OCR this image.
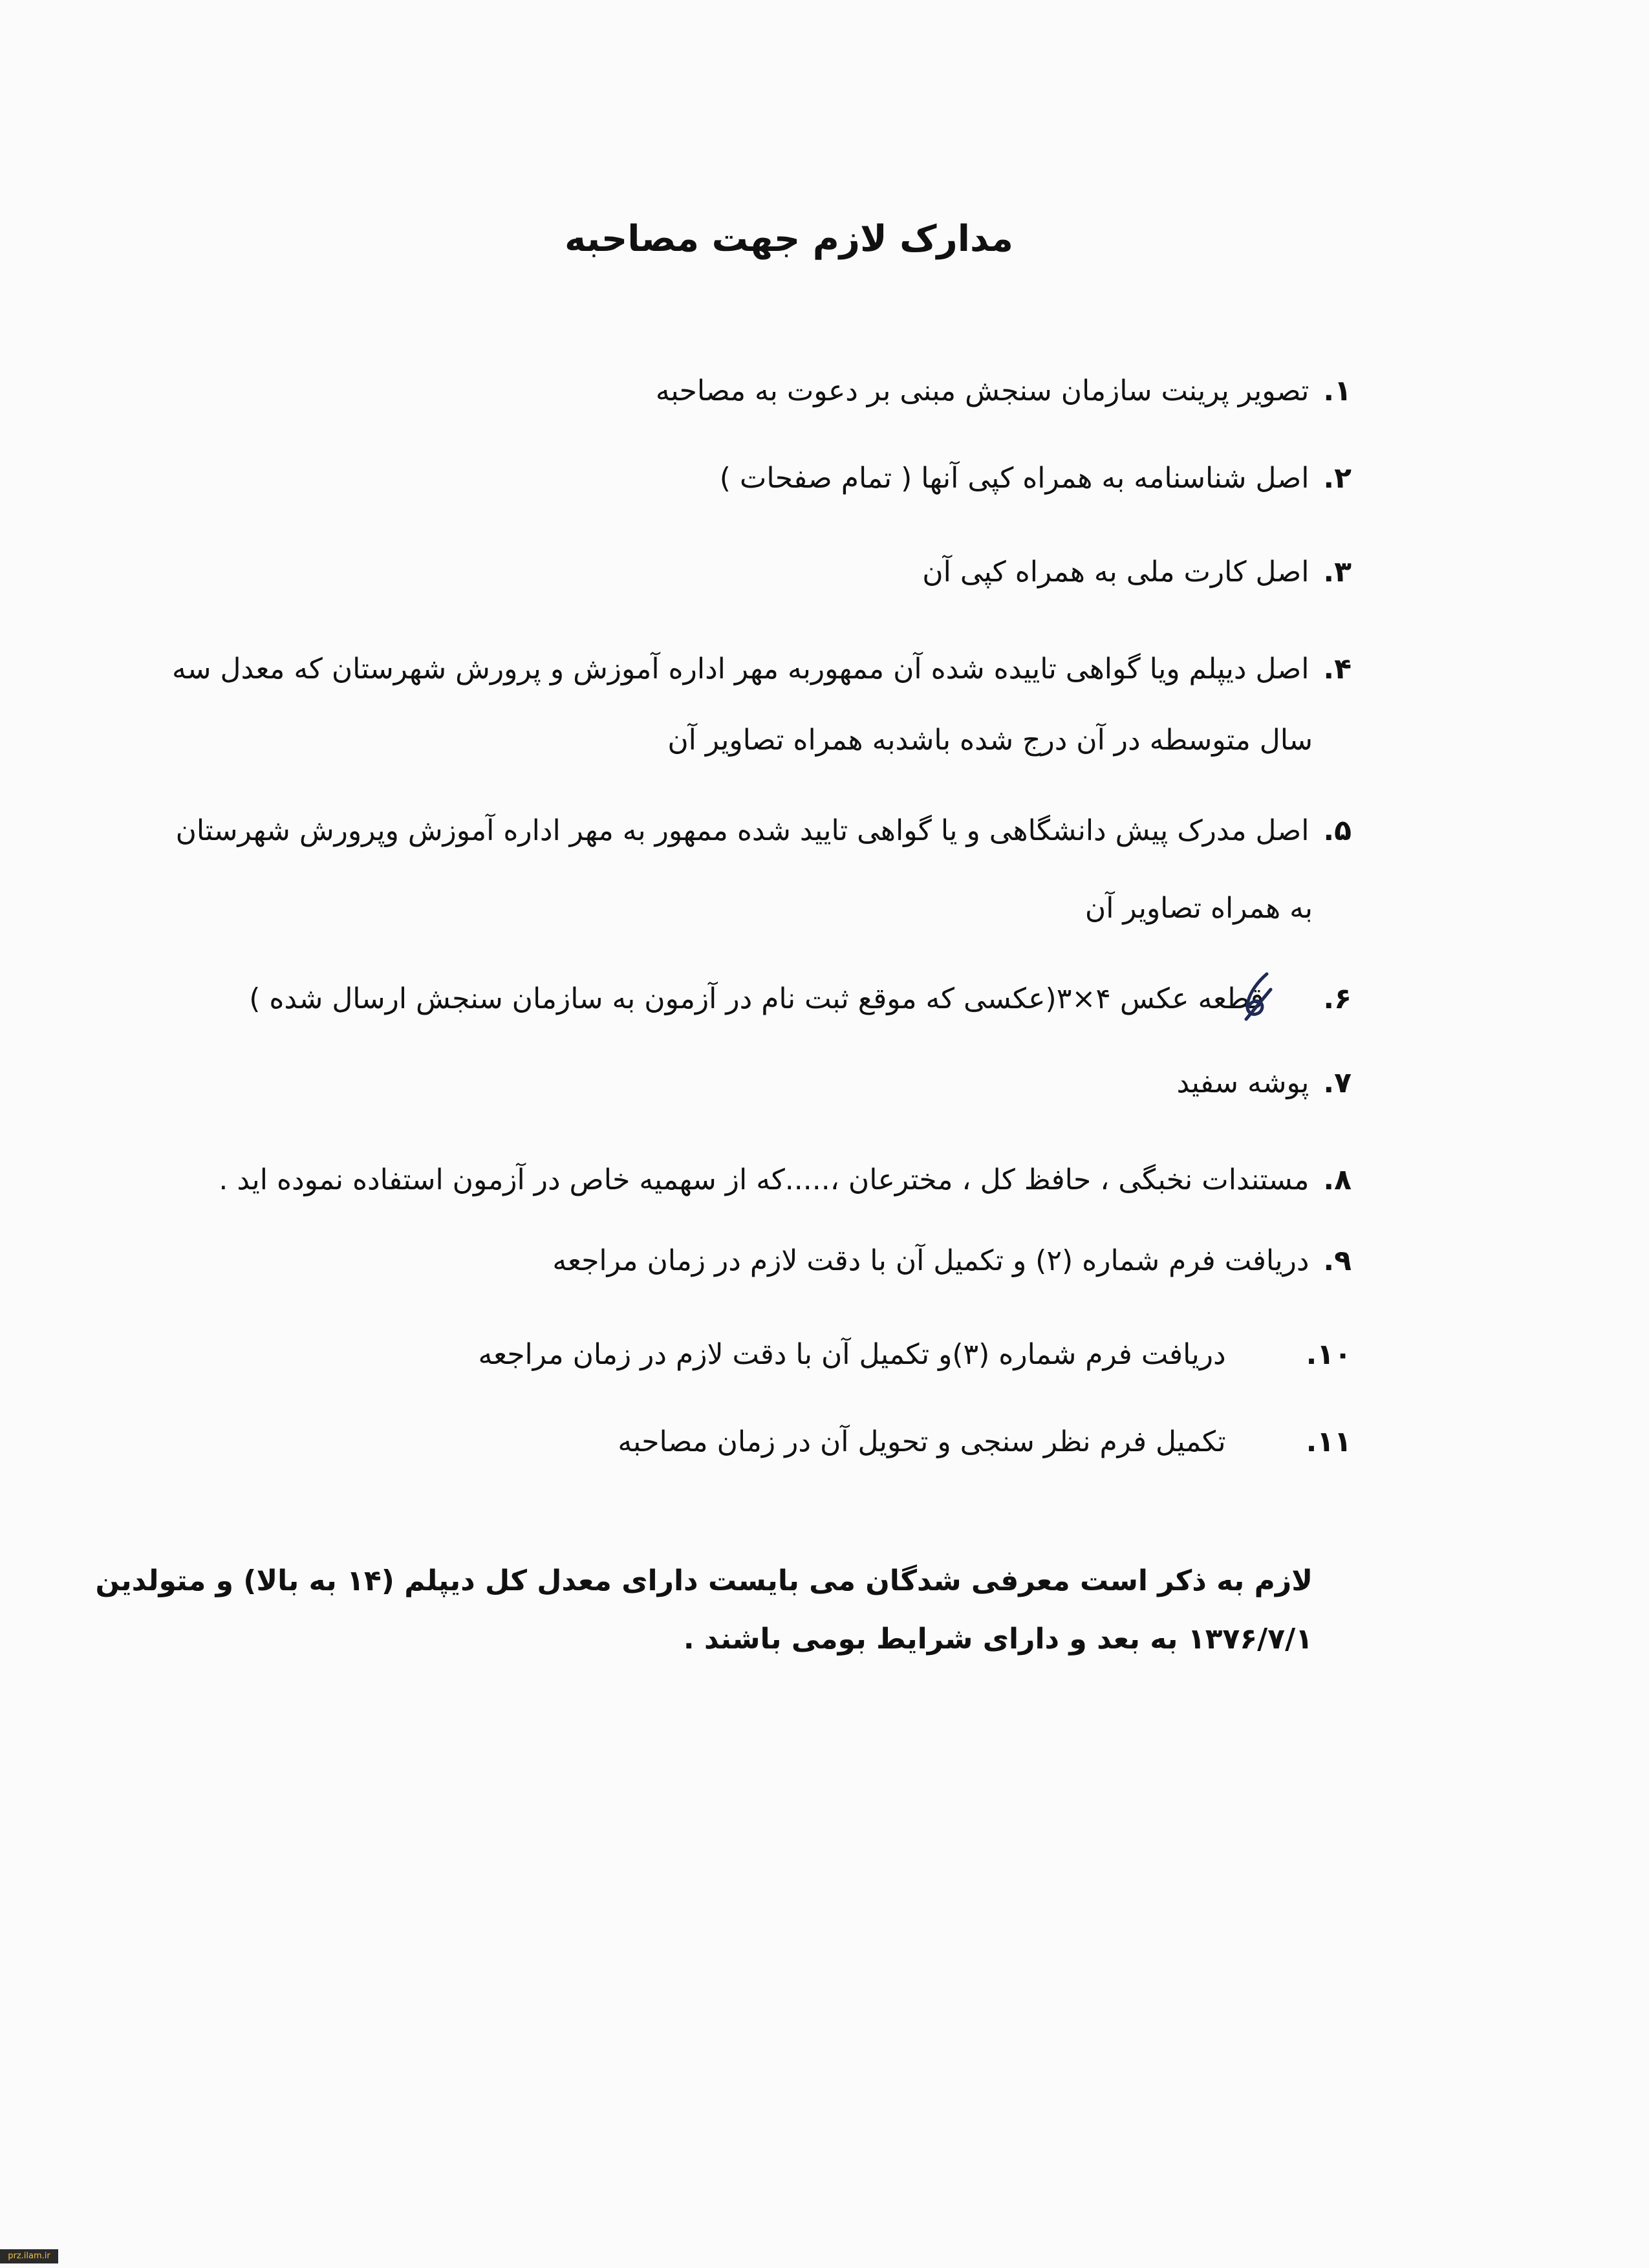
مدارک لازم جهت مصاحبه
۱. تصویر پرینت سازمان سنجش مبنی بر دعوت به مصاحبه
۲. اصل شناسنامه به همراه کپی آنها ( تمام صفحات )
۳. اصل کارت ملی به همراه کپی آن
۴. اصل دیپلم ویا گواهی تاییده شده آن ممهوربه مهر اداره آموزش و پرورش شهرستان که معدل سه
سال متوسطه در آن درج شده باشدبه همراه تصاویر آن
۵. اصل مدرک پیش دانشگاهی و یا گواهی تایید شده ممهور به مهر اداره آموزش وپرورش شهرستان
به همراه تصاویر آن
۶. قطعه عکس ۴×۳(عکسی که موقع ثبت نام در آزمون به سازمان سنجش ارسال شده )
۷. پوشه سفید
۸. مستندات نخبگی ، حافظ کل ، مخترعان ،.....که از سهمیه خاص در آزمون استفاده نموده اید .
۹. دریافت فرم شماره (۲) و تکمیل آن با دقت لازم در زمان مراجعه
۱۰. دریافت فرم شماره (۳)و تکمیل آن با دقت لازم در زمان مراجعه
۱۱. تکمیل فرم نظر سنجی و تحویل آن در زمان مصاحبه
لازم به ذکر است معرفی شدگان می بایست دارای معدل کل دیپلم (۱۴ به بالا) و متولدین
۱۳۷۶/۷/۱ به بعد و دارای شرایط بومی باشند .
prz.ilam.ir
